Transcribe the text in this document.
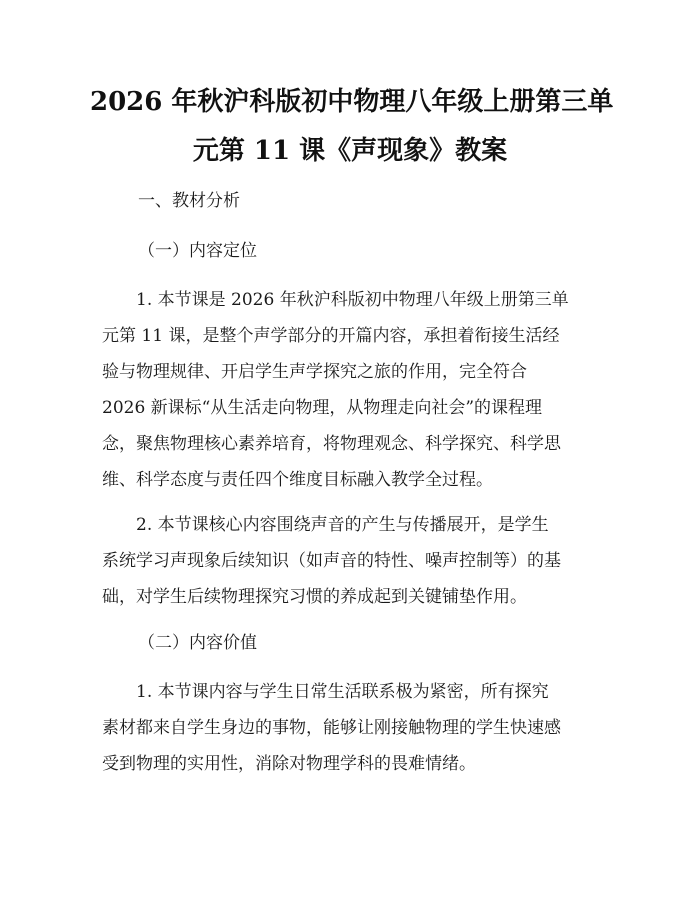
2026 年秋沪科版初中物理八年级上册第三单
元第 11 课《声现象》教案

一、教材分析

（一）内容定位

1. 本节课是 2026 年秋沪科版初中物理八年级上册第三单

元第 11 课，是整个声学部分的开篇内容，承担着衔接生活经

验与物理规律、开启学生声学探究之旅的作用，完全符合

2026 新课标“从生活走向物理，从物理走向社会”的课程理

念，聚焦物理核心素养培育，将物理观念、科学探究、科学思

维、科学态度与责任四个维度目标融入教学全过程。

2. 本节课核心内容围绕声音的产生与传播展开，是学生

系统学习声现象后续知识（如声音的特性、噪声控制等）的基

础，对学生后续物理探究习惯的养成起到关键铺垫作用。

（二）内容价值

1. 本节课内容与学生日常生活联系极为紧密，所有探究

素材都来自学生身边的事物，能够让刚接触物理的学生快速感

受到物理的实用性，消除对物理学科的畏难情绪。
